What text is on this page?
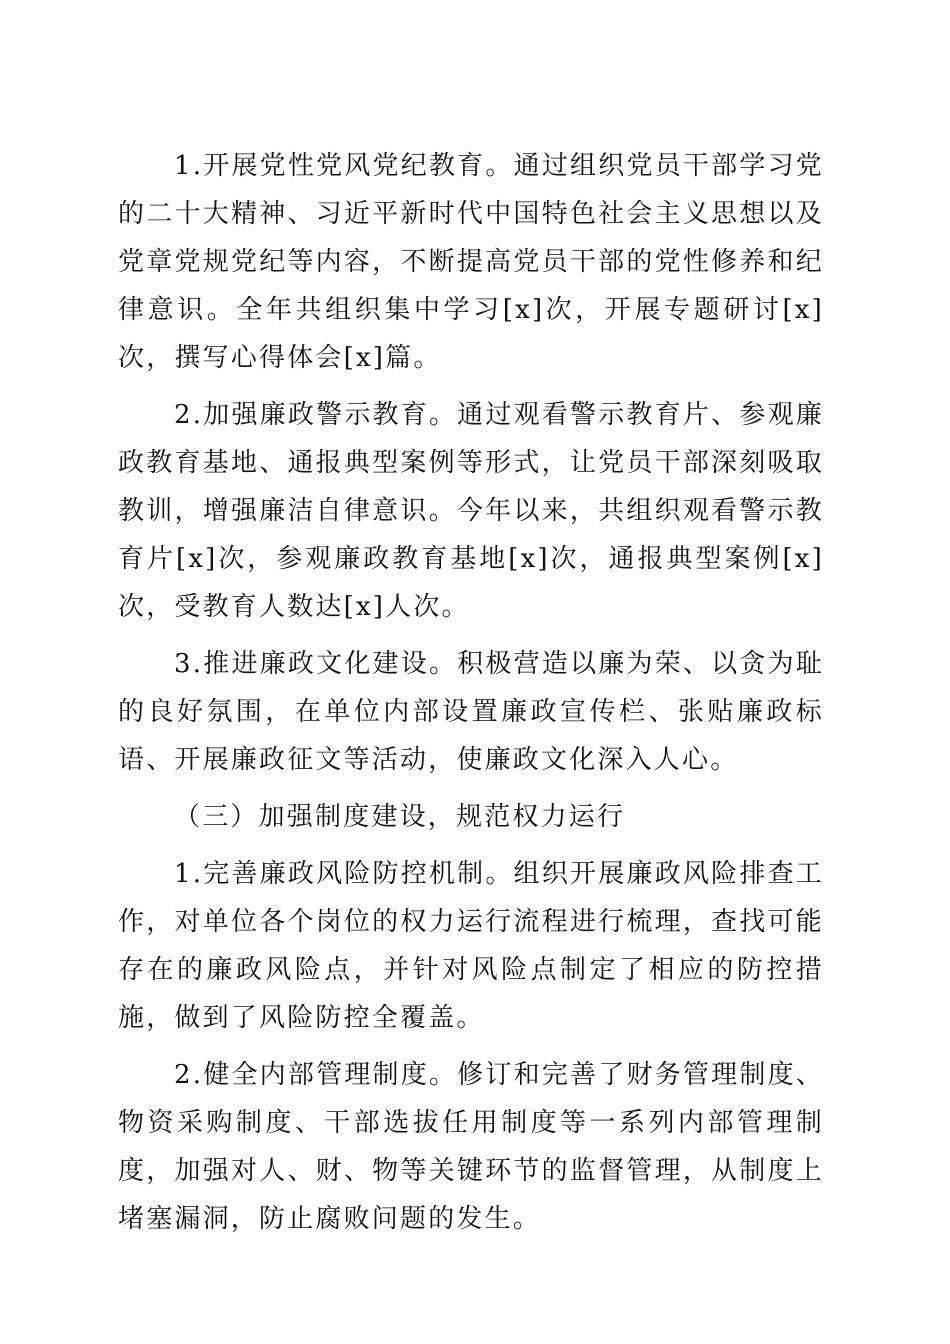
1.开展党性党风党纪教育。通过组织党员干部学习党的二十大精神、习近平新时代中国特色社会主义思想以及党章党规党纪等内容，不断提高党员干部的党性修养和纪律意识。全年共组织集中学习[x]次，开展专题研讨[x]次，撰写心得体会[x]篇。

2.加强廉政警示教育。通过观看警示教育片、参观廉政教育基地、通报典型案例等形式，让党员干部深刻吸取教训，增强廉洁自律意识。今年以来，共组织观看警示教育片[x]次，参观廉政教育基地[x]次，通报典型案例[x]次，受教育人数达[x]人次。

3.推进廉政文化建设。积极营造以廉为荣、以贪为耻的良好氛围，在单位内部设置廉政宣传栏、张贴廉政标语、开展廉政征文等活动，使廉政文化深入人心。

（三）加强制度建设，规范权力运行

1.完善廉政风险防控机制。组织开展廉政风险排查工作，对单位各个岗位的权力运行流程进行梳理，查找可能存在的廉政风险点，并针对风险点制定了相应的防控措施，做到了风险防控全覆盖。

2.健全内部管理制度。修订和完善了财务管理制度、物资采购制度、干部选拔任用制度等一系列内部管理制度，加强对人、财、物等关键环节的监督管理，从制度上堵塞漏洞，防止腐败问题的发生。
